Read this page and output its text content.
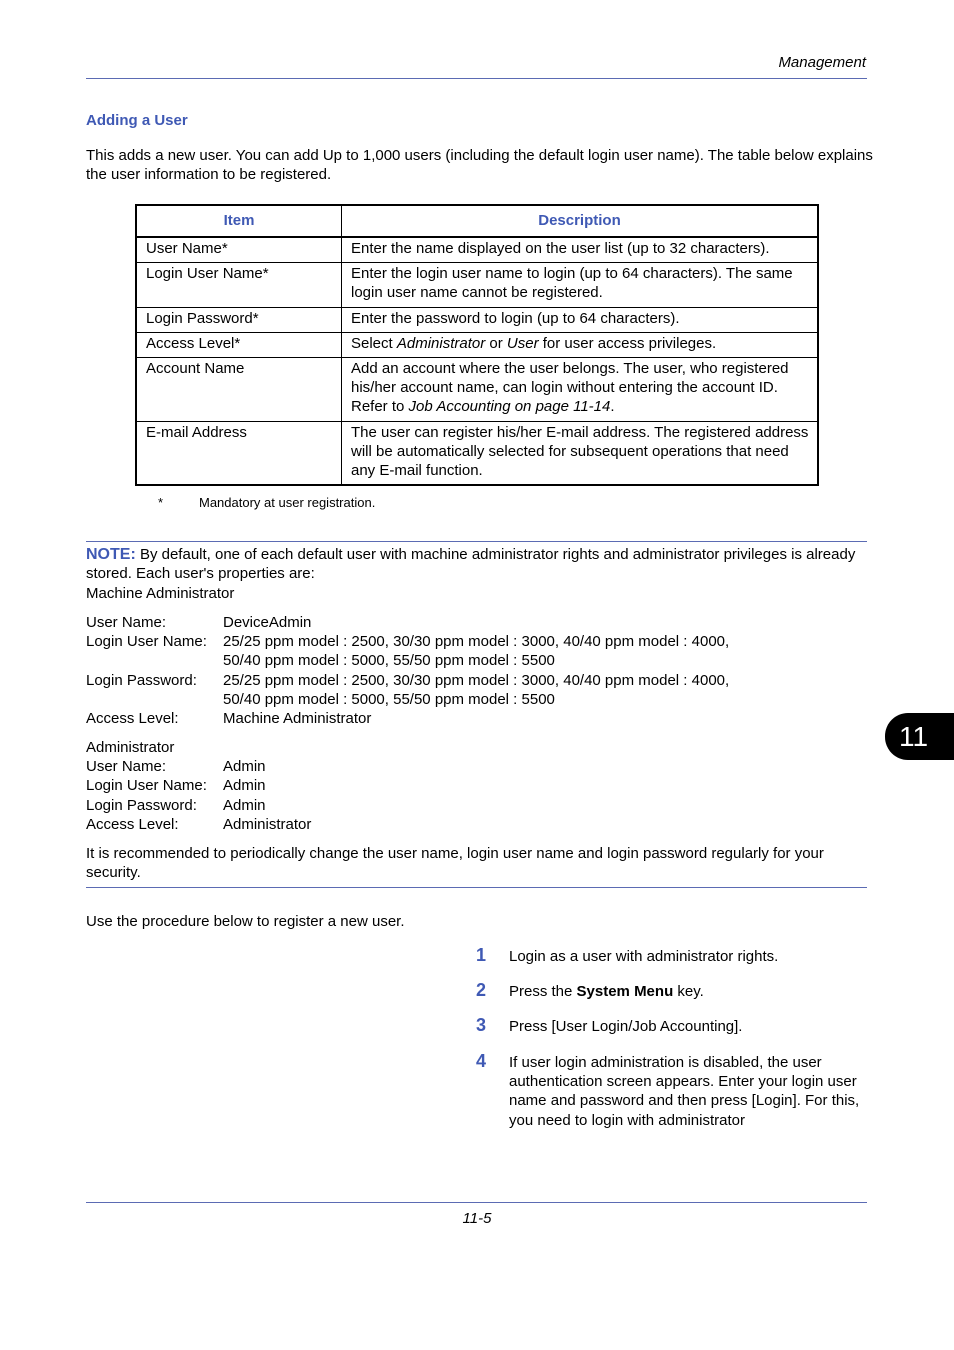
Management
Adding a User
This adds a new user. You can add Up to 1,000 users (including the default login user name). The table below explains the user information to be registered.
Item	Description
User Name*	Enter the name displayed on the user list (up to 32 characters).
Login User Name*	Enter the login user name to login (up to 64 characters). The same login user name cannot be registered.
Login Password*	Enter the password to login (up to 64 characters).
Access Level*	Select Administrator or User for user access privileges.
Account Name	Add an account where the user belongs. The user, who registered his/her account name, can login without entering the account ID. Refer to Job Accounting on page 11-14.
E-mail Address	The user can register his/her E-mail address. The registered address will be automatically selected for subsequent operations that need any E-mail function.
*	Mandatory at user registration.
NOTE: By default, one of each default user with machine administrator rights and administrator privileges is already stored. Each user's properties are:
Machine Administrator
User Name:	DeviceAdmin
Login User Name: 25/25 ppm model : 2500, 30/30 ppm model : 3000, 40/40 ppm model : 4000,
50/40 ppm model : 5000, 55/50 ppm model : 5500
Login Password: 25/25 ppm model : 2500, 30/30 ppm model : 3000, 40/40 ppm model : 4000,
50/40 ppm model : 5000, 55/50 ppm model : 5500
Access Level:	Machine Administrator
Administrator
User Name:	Admin
Login User Name: Admin
Login Password: Admin
Access Level:	Administrator
It is recommended to periodically change the user name, login user name and login password regularly for your security.
11
Use the procedure below to register a new user.
1 Login as a user with administrator rights.
2 Press the System Menu key.
3 Press [User Login/Job Accounting].
4 If user login administration is disabled, the user authentication screen appears. Enter your login user name and password and then press [Login]. For this, you need to login with administrator
11-5
